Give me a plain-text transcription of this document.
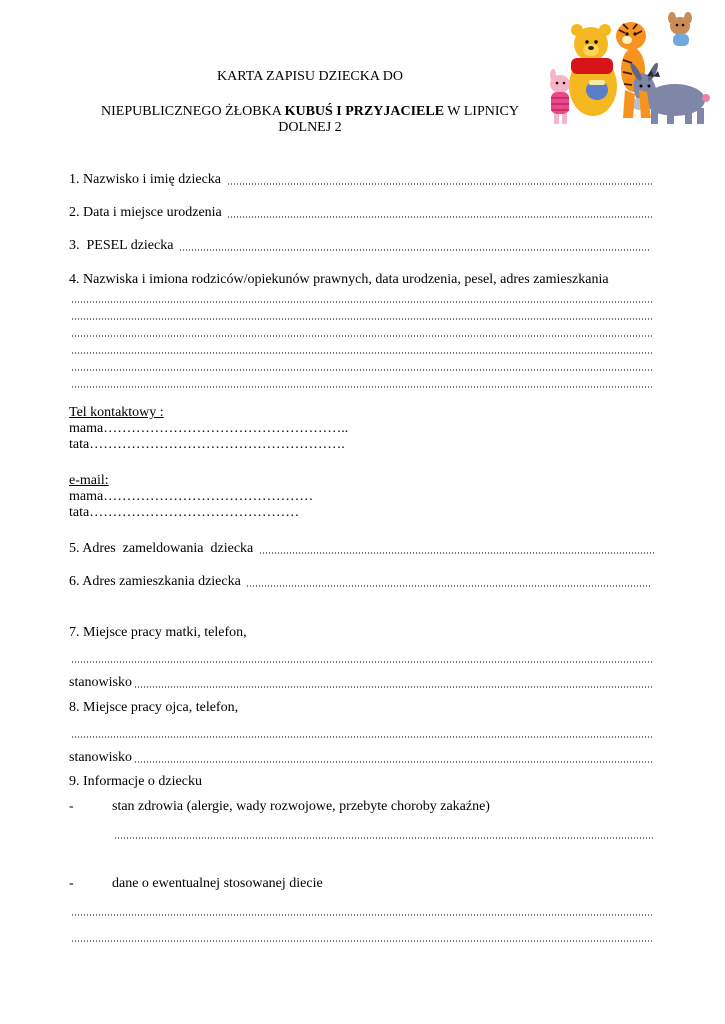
KARTA ZAPISU DZIECKA DO
NIEPUBLICZNEGO ŻŁOBKA KUBUŚ I PRZYJACIELE W LIPNICY
DOLNEJ 2
1. Nazwisko i imię dziecka
2. Data i miejsce urodzenia
3.  PESEL dziecka
4. Nazwiska i imiona rodziców/opiekunów prawnych, data urodzenia, pesel, adres zamieszkania
Tel kontaktowy :
mama……………………………………………..
tata……………………………………………….
e-mail:
mama………………………………………
tata………………………………………
5. Adres  zameldowania  dziecka
6. Adres zamieszkania dziecka
7. Miejsce pracy matki, telefon,
stanowisko
8. Miejsce pracy ojca, telefon,
stanowisko
9. Informacje o dziecku
-	stan zdrowia (alergie, wady rozwojowe, przebyte choroby zakaźne)
-	dane o ewentualnej stosowanej diecie
